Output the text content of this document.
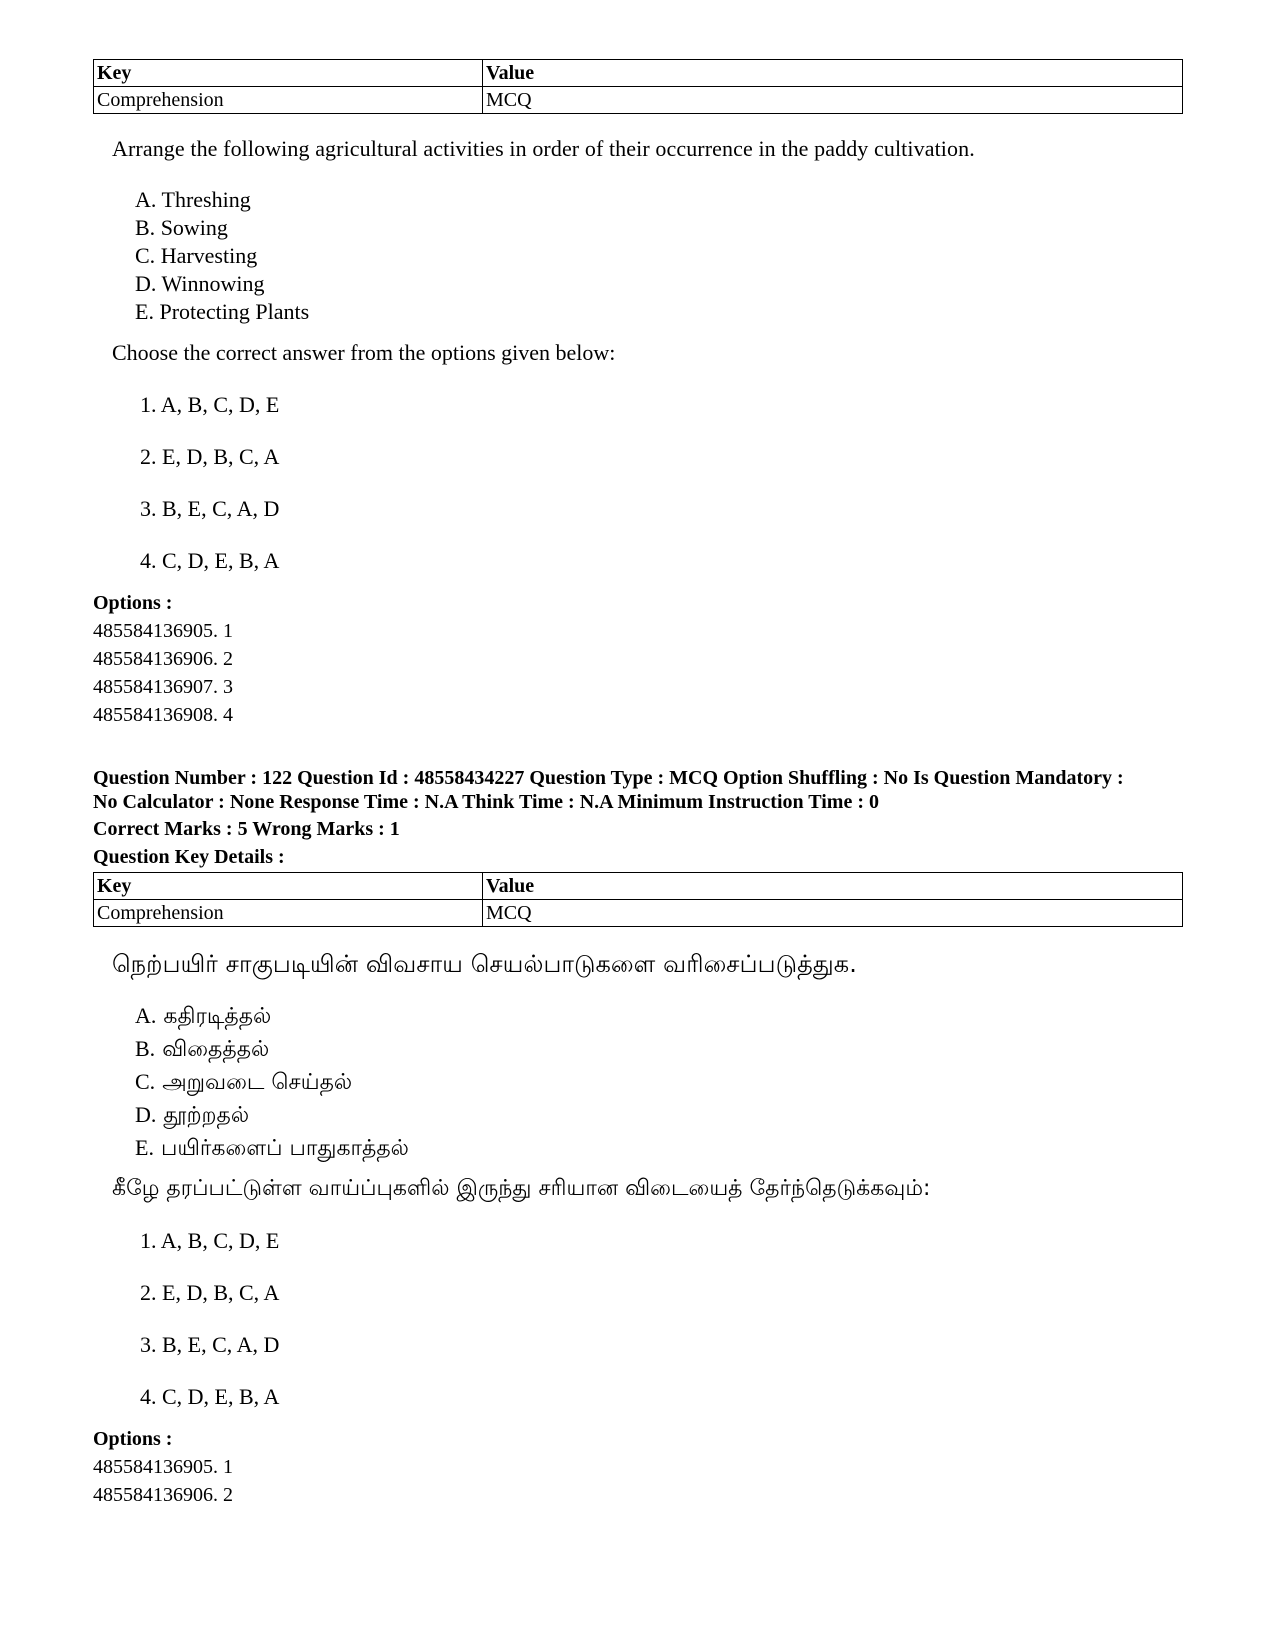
Key	Value
Comprehension	MCQ
Arrange the following agricultural activities in order of their occurrence in the paddy cultivation.
A. Threshing
B. Sowing
C. Harvesting
D. Winnowing
E. Protecting Plants
Choose the correct answer from the options given below:
1. A, B, C, D, E
2. E, D, B, C, A
3. B, E, C, A, D
4. C, D, E, B, A
Options :
485584136905. 1
485584136906. 2
485584136907. 3
485584136908. 4
Question Number : 122 Question Id : 48558434227 Question Type : MCQ Option Shuffling : No Is Question Mandatory :
No Calculator : None Response Time : N.A Think Time : N.A Minimum Instruction Time : 0
Correct Marks : 5 Wrong Marks : 1
Question Key Details :
Key	Value
Comprehension	MCQ
நெற்பயிர் சாகுபடியின் விவசாய செயல்பாடுகளை வரிசைப்படுத்துக.
A. கதிரடித்தல்
B. விதைத்தல்
C. அறுவடை செய்தல்
D. தூற்றதல்
E. பயிர்களைப் பாதுகாத்தல்
கீழே தரப்பட்டுள்ள வாய்ப்புகளில் இருந்து சரியான விடையைத் தேர்ந்தெடுக்கவும்:
1. A, B, C, D, E
2. E, D, B, C, A
3. B, E, C, A, D
4. C, D, E, B, A
Options :
485584136905. 1
485584136906. 2
